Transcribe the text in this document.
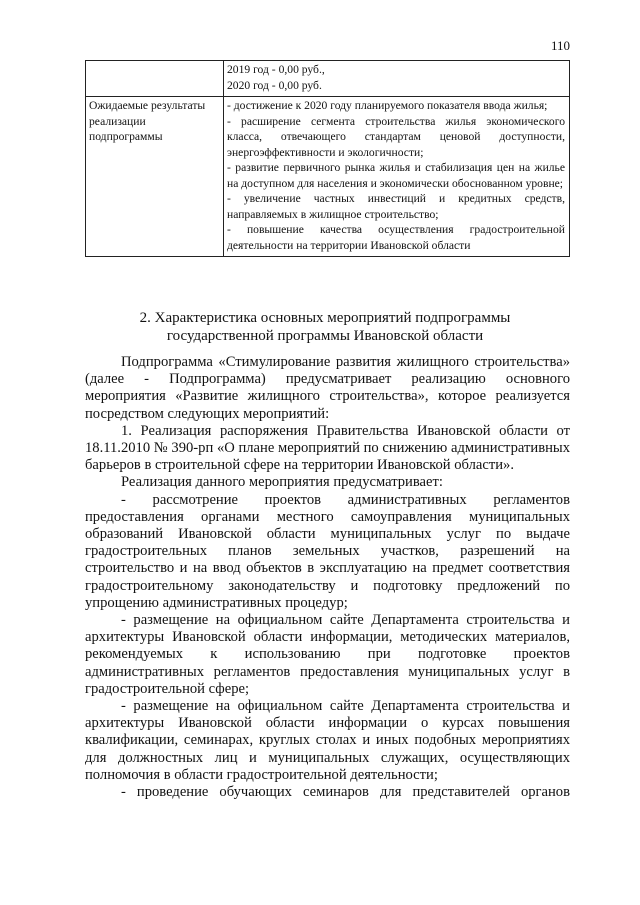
110

	2019 год - 0,00 руб.,
2020 год - 0,00 руб.

Ожидаемые результаты реализации подпрограммы	- достижение к 2020 году планируемого показателя ввода жилья;
- расширение сегмента строительства жилья экономического класса, отвечающего стандартам ценовой доступности, энергоэффективности и экологичности;
- развитие первичного рынка жилья и стабилизация цен на жилье на доступном для населения и экономически обоснованном уровне;
- увеличение частных инвестиций и кредитных средств, направляемых в жилищное строительство;
- повышение качества осуществления градостроительной деятельности на территории Ивановской области
2. Характеристика основных мероприятий подпрограммы государственной программы Ивановской области

Подпрограмма «Стимулирование развития жилищного строительства» (далее - Подпрограмма) предусматривает реализацию основного мероприятия «Развитие жилищного строительства», которое реализуется посредством следующих мероприятий:

1. Реализация распоряжения Правительства Ивановской области от 18.11.2010 № 390-рп «О плане мероприятий по снижению административных барьеров в строительной сфере на территории Ивановской области».

Реализация данного мероприятия предусматривает:

- рассмотрение проектов административных регламентов предоставления органами местного самоуправления муниципальных образований Ивановской области муниципальных услуг по выдаче градостроительных планов земельных участков, разрешений на строительство и на ввод объектов в эксплуатацию на предмет соответствия градостроительному законодательству и подготовку предложений по упрощению административных процедур;

- размещение на официальном сайте Департамента строительства и архитектуры Ивановской области информации, методических материалов, рекомендуемых к использованию при подготовке проектов административных регламентов предоставления муниципальных услуг в градостроительной сфере;

- размещение на официальном сайте Департамента строительства и архитектуры Ивановской области информации о курсах повышения квалификации, семинарах, круглых столах и иных подобных мероприятиях для должностных лиц и муниципальных служащих, осуществляющих полномочия в области градостроительной деятельности;

- проведение обучающих семинаров для представителей органов
